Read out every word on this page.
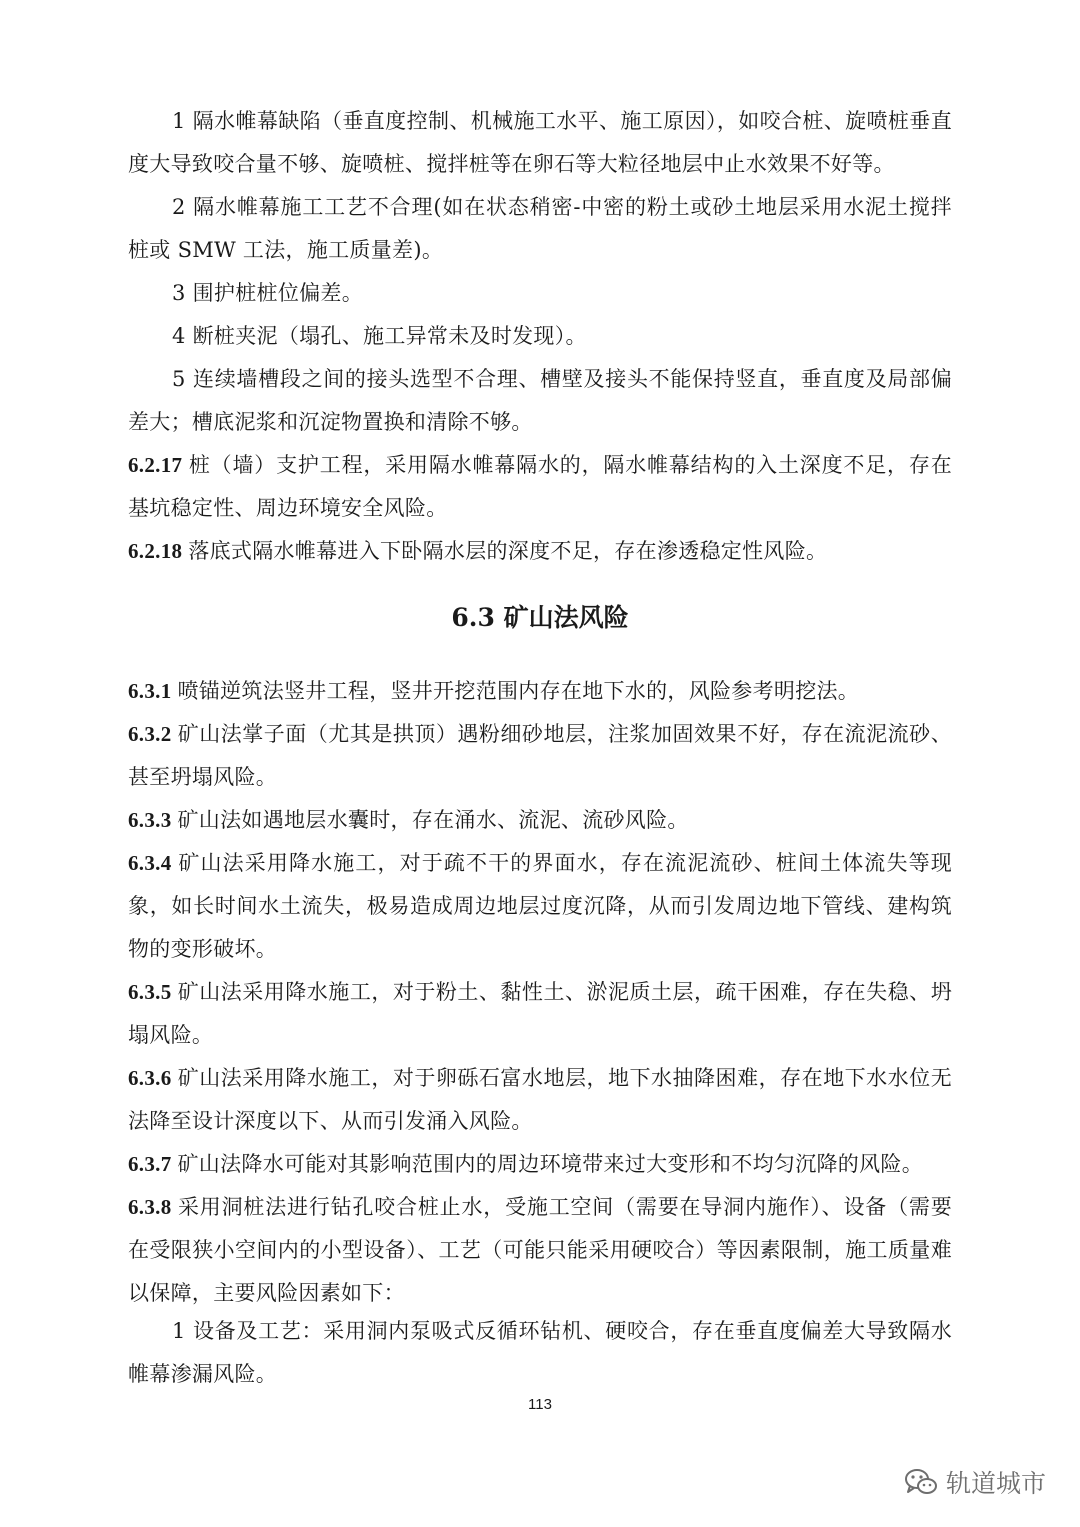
1 隔水帷幕缺陷（垂直度控制、机械施工水平、施工原因），如咬合桩、旋喷桩垂直度大导致咬合量不够、旋喷桩、搅拌桩等在卵石等大粒径地层中止水效果不好等。

2 隔水帷幕施工工艺不合理(如在状态稍密-中密的粉土或砂土地层采用水泥土搅拌桩或 SMW 工法，施工质量差)。

3 围护桩桩位偏差。

4 断桩夹泥（塌孔、施工异常未及时发现）。

5 连续墙槽段之间的接头选型不合理、槽壁及接头不能保持竖直，垂直度及局部偏差大；槽底泥浆和沉淀物置换和清除不够。

6.2.17 桩（墙）支护工程，采用隔水帷幕隔水的，隔水帷幕结构的入土深度不足，存在基坑稳定性、周边环境安全风险。

6.2.18 落底式隔水帷幕进入下卧隔水层的深度不足，存在渗透稳定性风险。

6.3 矿山法风险

6.3.1 喷锚逆筑法竖井工程，竖井开挖范围内存在地下水的，风险参考明挖法。

6.3.2 矿山法掌子面（尤其是拱顶）遇粉细砂地层，注浆加固效果不好，存在流泥流砂、甚至坍塌风险。

6.3.3 矿山法如遇地层水囊时，存在涌水、流泥、流砂风险。

6.3.4 矿山法采用降水施工，对于疏不干的界面水，存在流泥流砂、桩间土体流失等现象，如长时间水土流失，极易造成周边地层过度沉降，从而引发周边地下管线、建构筑物的变形破坏。

6.3.5 矿山法采用降水施工，对于粉土、黏性土、淤泥质土层，疏干困难，存在失稳、坍塌风险。

6.3.6 矿山法采用降水施工，对于卵砾石富水地层，地下水抽降困难，存在地下水水位无法降至设计深度以下、从而引发涌入风险。

6.3.7 矿山法降水可能对其影响范围内的周边环境带来过大变形和不均匀沉降的风险。

6.3.8 采用洞桩法进行钻孔咬合桩止水，受施工空间（需要在导洞内施作）、设备（需要在受限狭小空间内的小型设备）、工艺（可能只能采用硬咬合）等因素限制，施工质量难以保障，主要风险因素如下：

1 设备及工艺：采用洞内泵吸式反循环钻机、硬咬合，存在垂直度偏差大导致隔水帷幕渗漏风险。

113
轨道城市
